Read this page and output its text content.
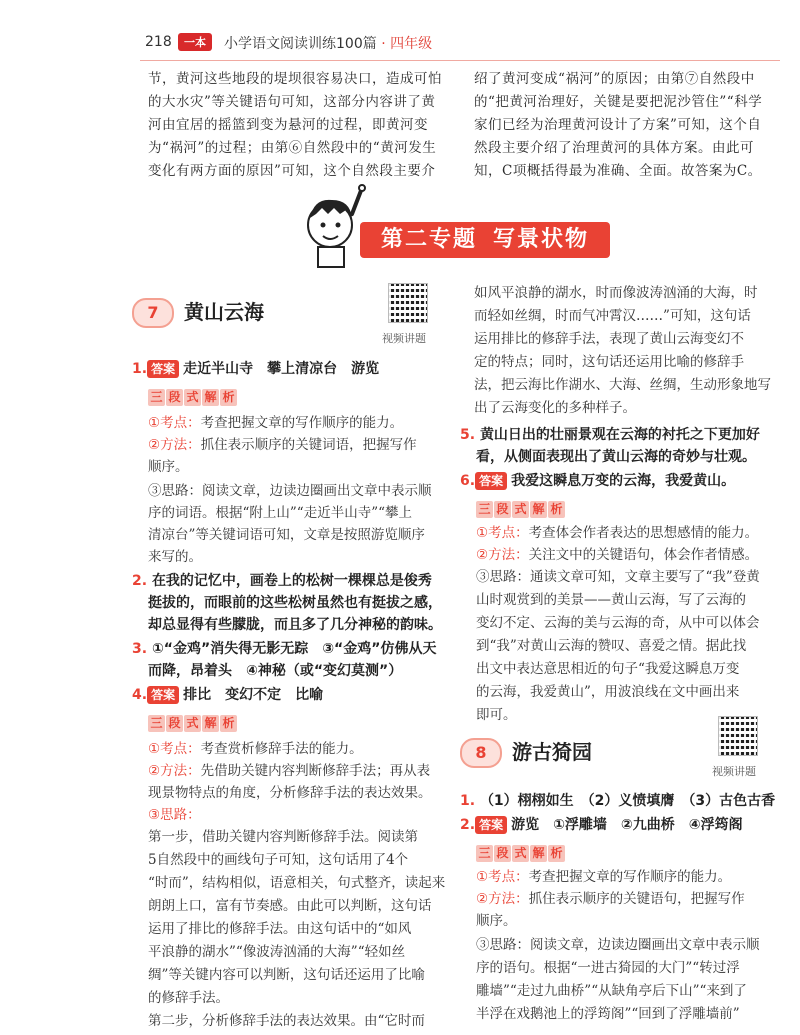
218	一本	小学语文阅读训练100篇 · 四年级
节，黄河这些地段的堤坝很容易决口，造成可怕
的大水灾”等关键语句可知，这部分内容讲了黄
河由宜居的摇篮到变为悬河的过程，即黄河变
为“祸河”的过程；由第⑥自然段中的“黄河发生
变化有两方面的原因”可知，这个自然段主要介
绍了黄河变成“祸河”的原因；由第⑦自然段中
的“把黄河治理好，关键是要把泥沙管住”“科学
家们已经为治理黄河设计了方案”可知，这个自
然段主要介绍了治理黄河的具体方案。由此可
知，C项概括得最为准确、全面。故答案为C。
第二专题 写景状物
7	黄山云海
视频讲题
1. 答案 走近半山寺　攀上清凉台　游览
三 段 式 解 析
①考点：考查把握文章的写作顺序的能力。
②方法：抓住表示顺序的关键词语，把握写作
顺序。
③思路：阅读文章，边读边圈画出文章中表示顺
序的词语。根据“附上山”“走近半山寺”“攀上
清凉台”等关键词语可知，文章是按照游览顺序
来写的。
2. 在我的记忆中，画卷上的松树一棵棵总是俊秀
挺拔的，而眼前的这些松树虽然也有挺拔之感，
却总显得有些朦胧，而且多了几分神秘的韵味。
3. ①“金鸡”消失得无影无踪　③“金鸡”仿佛从天
而降，昂着头　④神秘（或“变幻莫测”）
4. 答案 排比　变幻不定　比喻
三 段 式 解 析
①考点：考查赏析修辞手法的能力。
②方法：先借助关键内容判断修辞手法；再从表
现景物特点的角度，分析修辞手法的表达效果。
③思路：
第一步，借助关键内容判断修辞手法。阅读第
5自然段中的画线句子可知，这句话用了4个
“时而”，结构相似，语意相关，句式整齐，读起来
朗朗上口，富有节奏感。由此可以判断，这句话
运用了排比的修辞手法。由这句话中的“如风
平浪静的湖水”“像波涛汹涌的大海”“轻如丝
绸”等关键内容可以判断，这句话还运用了比喻
的修辞手法。
第二步，分析修辞手法的表达效果。由“它时而
如风平浪静的湖水，时而像波涛汹涌的大海，时
而轻如丝绸，时而气冲霄汉……”可知，这句话
运用排比的修辞手法，表现了黄山云海变幻不
定的特点；同时，这句话还运用比喻的修辞手
法，把云海比作湖水、大海、丝绸，生动形象地写
出了云海变化的多种样子。
5. 黄山日出的壮丽景观在云海的衬托之下更加好
看，从侧面表现出了黄山云海的奇妙与壮观。
6. 答案 我爱这瞬息万变的云海，我爱黄山。
三 段 式 解 析
①考点：考查体会作者表达的思想感情的能力。
②方法：关注文中的关键语句，体会作者情感。
③思路：通读文章可知，文章主要写了“我”登黄
山时观赏到的美景——黄山云海，写了云海的
变幻不定、云海的美与云海的奇，从中可以体会
到“我”对黄山云海的赞叹、喜爱之情。据此找
出文中表达意思相近的句子“我爱这瞬息万变
的云海，我爱黄山”，用波浪线在文中画出来
即可。
8	游古猗园
视频讲题
1. （1）栩栩如生　（2）义愤填膺　（3）古色古香
2. 答案 游览　①浮雕墙　②九曲桥　④浮筠阁
三 段 式 解 析
①考点：考查把握文章的写作顺序的能力。
②方法：抓住表示顺序的关键语句，把握写作
顺序。
③思路：阅读文章，边读边圈画出文章中表示顺
序的语句。根据“一进古猗园的大门”“转过浮
雕墙”“走过九曲桥”“从缺角亭后下山”“来到了
半浮在戏鹅池上的浮筠阁”“回到了浮雕墙前”
